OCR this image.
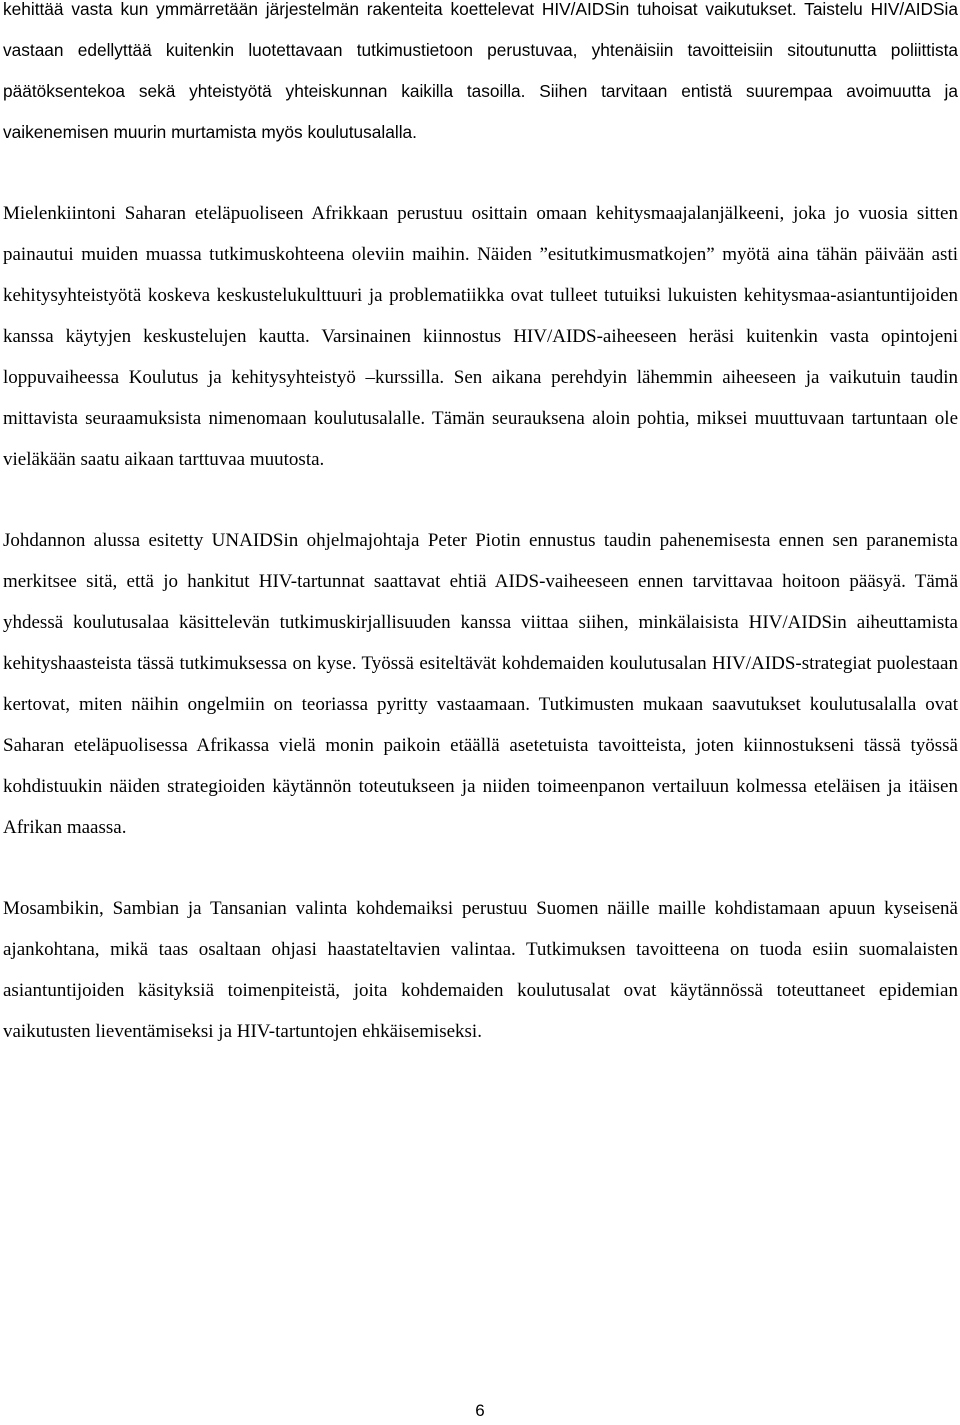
kehittää vasta kun ymmärretään järjestelmän rakenteita koettelevat HIV/AIDSin tuhoisat vaikutukset. Taistelu HIV/AIDSia vastaan edellyttää kuitenkin luotettavaan tutkimustietoon perustuvaa, yhtenäisiin tavoitteisiin sitoutunutta poliittista päätöksentekoa sekä yhteistyötä yhteiskunnan kaikilla tasoilla. Siihen tarvitaan entistä suurempaa avoimuutta ja vaikenemisen muurin murtamista myös koulutusalalla.

Mielenkiintoni Saharan eteläpuoliseen Afrikkaan perustuu osittain omaan kehitysmaajalanjälkeeni, joka jo vuosia sitten painautui muiden muassa tutkimuskohteena oleviin maihin. Näiden ”esitutkimusmatkojen” myötä aina tähän päivään asti kehitysyhteistyötä koskeva keskustelukulttuuri ja problematiikka ovat tulleet tutuiksi lukuisten kehitysmaa-asiantuntijoiden kanssa käytyjen keskustelujen kautta. Varsinainen kiinnostus HIV/AIDS-aiheeseen heräsi kuitenkin vasta opintojeni loppuvaiheessa Koulutus ja kehitysyhteistyö –kurssilla. Sen aikana perehdyin lähemmin aiheeseen ja vaikutuin taudin mittavista seuraamuksista nimenomaan koulutusalalle. Tämän seurauksena aloin pohtia, miksei muuttuvaan tartuntaan ole vieläkään saatu aikaan tarttuvaa muutosta.

Johdannon alussa esitetty UNAIDSin ohjelmajohtaja Peter Piotin ennustus taudin pahenemisesta ennen sen paranemista merkitsee sitä, että jo hankitut HIV-tartunnat saattavat ehtiä AIDS-vaiheeseen ennen tarvittavaa hoitoon pääsyä. Tämä yhdessä koulutusalaa käsittelevän tutkimuskirjallisuuden kanssa viittaa siihen, minkälaisista HIV/AIDSin aiheuttamista kehityshaasteista tässä tutkimuksessa on kyse. Työssä esiteltävät kohdemaiden koulutusalan HIV/AIDS-strategiat puolestaan kertovat, miten näihin ongelmiin on teoriassa pyritty vastaamaan. Tutkimusten mukaan saavutukset koulutusalalla ovat Saharan eteläpuolisessa Afrikassa vielä monin paikoin etäällä asetetuista tavoitteista, joten kiinnostukseni tässä työssä kohdistuukin näiden strategioiden käytännön toteutukseen ja niiden toimeenpanon vertailuun kolmessa eteläisen ja itäisen Afrikan maassa.

Mosambikin, Sambian ja Tansanian valinta kohdemaiksi perustuu Suomen näille maille kohdistamaan apuun kyseisenä ajankohtana, mikä taas osaltaan ohjasi haastateltavien valintaa. Tutkimuksen tavoitteena on tuoda esiin suomalaisten asiantuntijoiden käsityksiä toimenpiteistä, joita kohdemaiden koulutusalat ovat käytännössä toteuttaneet epidemian vaikutusten lieventämiseksi ja HIV-tartuntojen ehkäisemiseksi.

6
